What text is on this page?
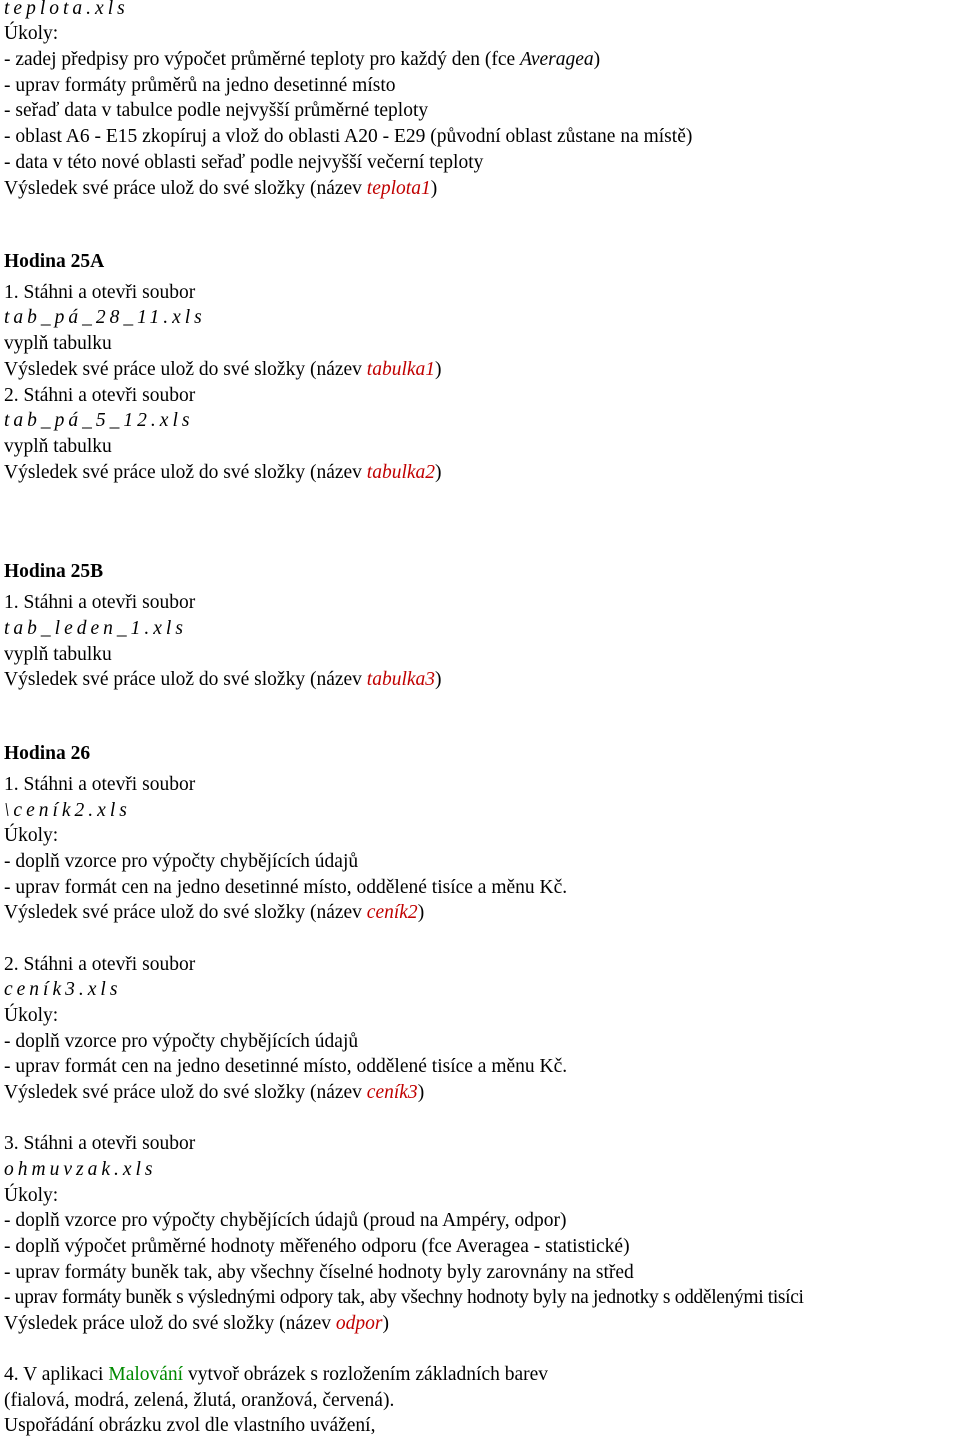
teplota.xls
Úkoly:
- zadej předpisy pro výpočet průměrné teploty pro každý den (fce Averagea)
- uprav formáty průměrů na jedno desetinné místo
- seřaď data v tabulce podle nejvyšší průměrné teploty
- oblast A6 - E15 zkopíruj a vlož do oblasti A20 - E29 (původní oblast zůstane na místě)
- data v této nové oblasti seřaď podle nejvyšší večerní teploty
Výsledek své práce ulož do své složky (název teplota1)
Hodina 25A
1. Stáhni a otevři soubor
tab_pá_28_11.xls
vyplň tabulku
Výsledek své práce ulož do své složky (název tabulka1)
2. Stáhni a otevři soubor
tab_pá_5_12.xls
vyplň tabulku
Výsledek své práce ulož do své složky (název tabulka2)
Hodina 25B
1. Stáhni a otevři soubor
tab_leden_1.xls
vyplň tabulku
Výsledek své práce ulož do své složky (název tabulka3)
Hodina 26
1. Stáhni a otevři soubor
\ceník2.xls
Úkoly:
- doplň vzorce pro výpočty chybějících údajů
- uprav formát cen na jedno desetinné místo, oddělené tisíce a měnu Kč.
Výsledek své práce ulož do své složky (název ceník2)
2. Stáhni a otevři soubor
ceník3.xls
Úkoly:
- doplň vzorce pro výpočty chybějících údajů
- uprav formát cen na jedno desetinné místo, oddělené tisíce a měnu Kč.
Výsledek své práce ulož do své složky (název ceník3)
3. Stáhni a otevři soubor
ohmuvzak.xls
Úkoly:
- doplň vzorce pro výpočty chybějících údajů (proud na Ampéry, odpor)
- doplň výpočet průměrné hodnoty měřeného odporu (fce Averagea - statistické)
- uprav formáty buněk tak, aby všechny číselné hodnoty byly zarovnány na střed
- uprav formáty buněk s výslednými odpory tak, aby všechny hodnoty byly na jednotky s oddělenými tisíci
Výsledek práce ulož do své složky (název odpor)
4. V aplikaci Malování vytvoř obrázek s rozložením základních barev
(fialová, modrá, zelená, žlutá, oranžová, červená).
Uspořádání obrázku zvol dle vlastního uvážení,
